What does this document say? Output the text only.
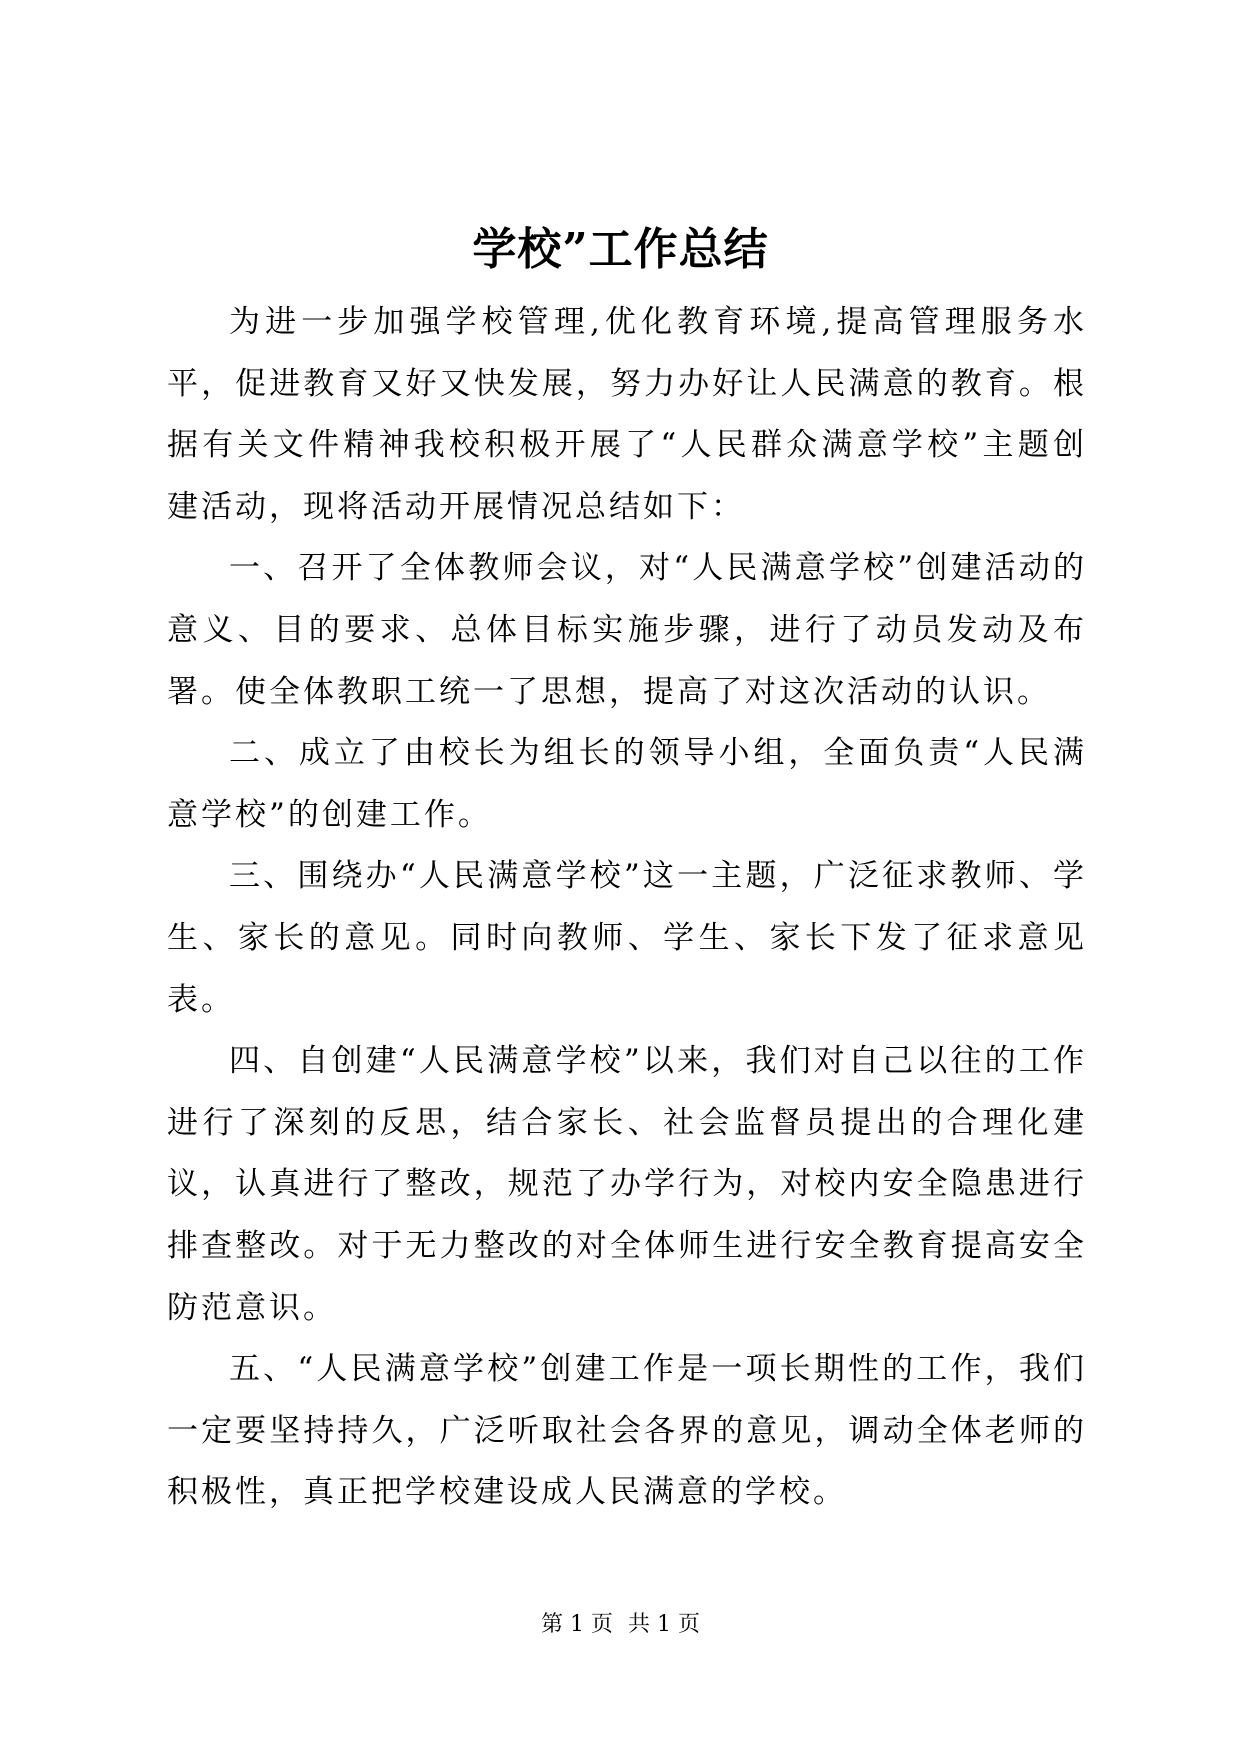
学校”工作总结

为进一步加强学校管理,优化教育环境,提高管理服务水平，促进教育又好又快发展，努力办好让人民满意的教育。根据有关文件精神我校积极开展了“人民群众满意学校”主题创建活动，现将活动开展情况总结如下：

一、召开了全体教师会议，对“人民满意学校”创建活动的意义、目的要求、总体目标实施步骤，进行了动员发动及布署。使全体教职工统一了思想，提高了对这次活动的认识。

二、成立了由校长为组长的领导小组，全面负责“人民满意学校”的创建工作。

三、围绕办“人民满意学校”这一主题，广泛征求教师、学生、家长的意见。同时向教师、学生、家长下发了征求意见表。

四、自创建“人民满意学校”以来，我们对自己以往的工作进行了深刻的反思，结合家长、社会监督员提出的合理化建议，认真进行了整改，规范了办学行为，对校内安全隐患进行排查整改。对于无力整改的对全体师生进行安全教育提高安全防范意识。

五、“人民满意学校”创建工作是一项长期性的工作，我们一定要坚持持久，广泛听取社会各界的意见，调动全体老师的积极性，真正把学校建设成人民满意的学校。

第 1 页 共 1 页
